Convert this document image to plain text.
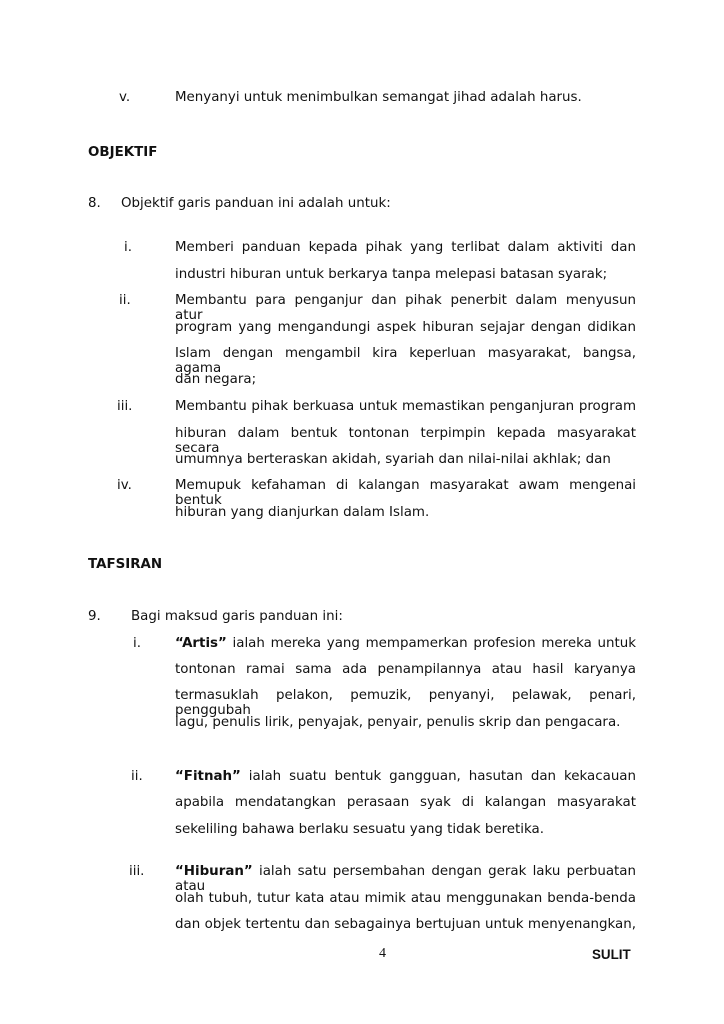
v.	Menyanyi untuk menimbulkan semangat jihad adalah harus.
OBJEKTIF
8. Objektif garis panduan ini adalah untuk:
i.	Memberi panduan kepada pihak yang terlibat dalam aktiviti dan
industri hiburan untuk berkarya tanpa melepasi batasan syarak;
ii.	Membantu para penganjur dan pihak penerbit dalam menyusun atur
program yang mengandungi aspek hiburan sejajar dengan didikan
Islam dengan mengambil kira keperluan masyarakat, bangsa, agama
dan negara;
iii.	Membantu pihak berkuasa untuk memastikan penganjuran program
hiburan dalam bentuk tontonan terpimpin kepada masyarakat secara
umumnya berteraskan akidah, syariah dan nilai-nilai akhlak; dan
iv.	Memupuk kefahaman di kalangan masyarakat awam mengenai bentuk
hiburan yang dianjurkan dalam Islam.
TAFSIRAN
9. Bagi maksud garis panduan ini:
i.	“Artis” ialah mereka yang mempamerkan profesion mereka untuk
tontonan ramai sama ada penampilannya atau hasil karyanya
termasuklah pelakon, pemuzik, penyanyi, pelawak, penari, penggubah
lagu, penulis lirik, penyajak, penyair, penulis skrip dan pengacara.
ii. “Fitnah” ialah suatu bentuk gangguan, hasutan dan kekacauan
apabila mendatangkan perasaan syak di kalangan masyarakat
sekeliling bahawa berlaku sesuatu yang tidak beretika.
iii. “Hiburan” ialah satu persembahan dengan gerak laku perbuatan atau
olah tubuh, tutur kata atau mimik atau menggunakan benda-benda
dan objek tertentu dan sebagainya bertujuan untuk menyenangkan,
4	SULIT
